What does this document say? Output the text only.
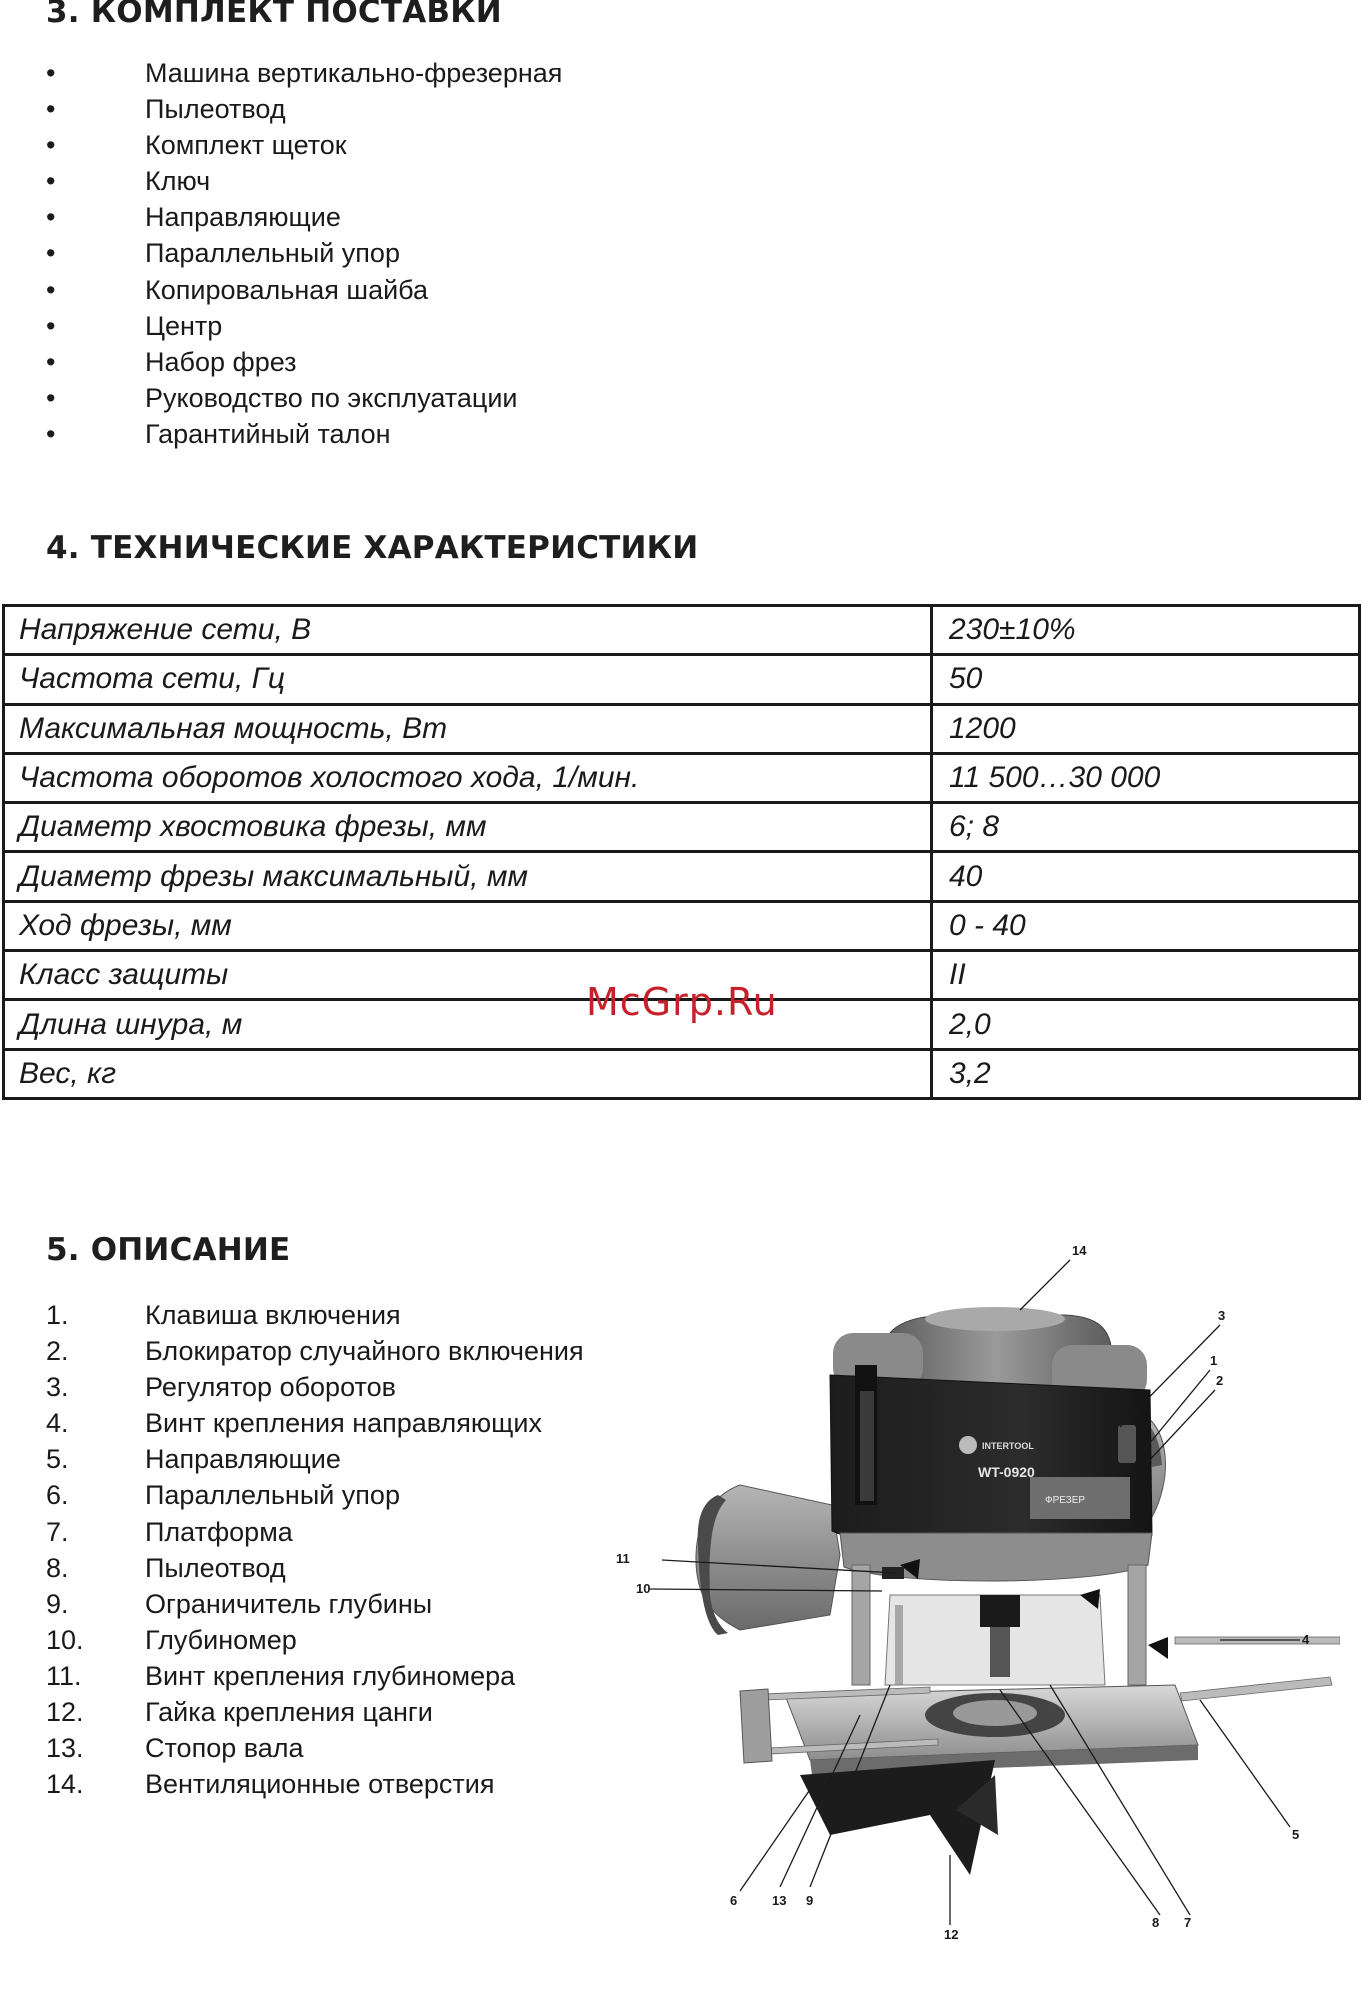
3. КОМПЛЕКТ ПОСТАВКИ
•	Машина вертикально-фрезерная
•	Пылеотвод
•	Комплект щеток
•	Ключ
•	Направляющие
•	Параллельный упор
•	Копировальная шайба
•	Центр
•	Набор фрез
•	Руководство по эксплуатации
•	Гарантийный талон
4. ТЕХНИЧЕСКИЕ ХАРАКТЕРИСТИКИ
Напряжение сети, В	230±10%
Частота сети, Гц	50
Максимальная мощность, Вт	1200
Частота оборотов холостого хода, 1/мин.	11 500…30 000
Диаметр хвостовика фрезы, мм	6; 8
Диаметр фрезы максимальный, мм	40
Ход фрезы, мм	0 - 40
Класс защиты	II
Длина шнура, м	2,0
Вес, кг	3,2
McGrp.Ru
5. ОПИСАНИЕ
1.	Клавиша включения
2.	Блокиратор случайного включения
3.	Регулятор оборотов
4.	Винт крепления направляющих
5.	Направляющие
6.	Параллельный упор
7.	Платформа
8.	Пылеотвод
9.	Ограничитель глубины
10.	Глубиномер
11.	Винт крепления глубиномера
12.	Гайка крепления цанги
13.	Стопор вала
14.	Вентиляционные отверстия
INTERTOOL
WT-0920
ФРЕЗЕР
14
3
1
2
11
10
4
5
6	13 9
12
8 7
